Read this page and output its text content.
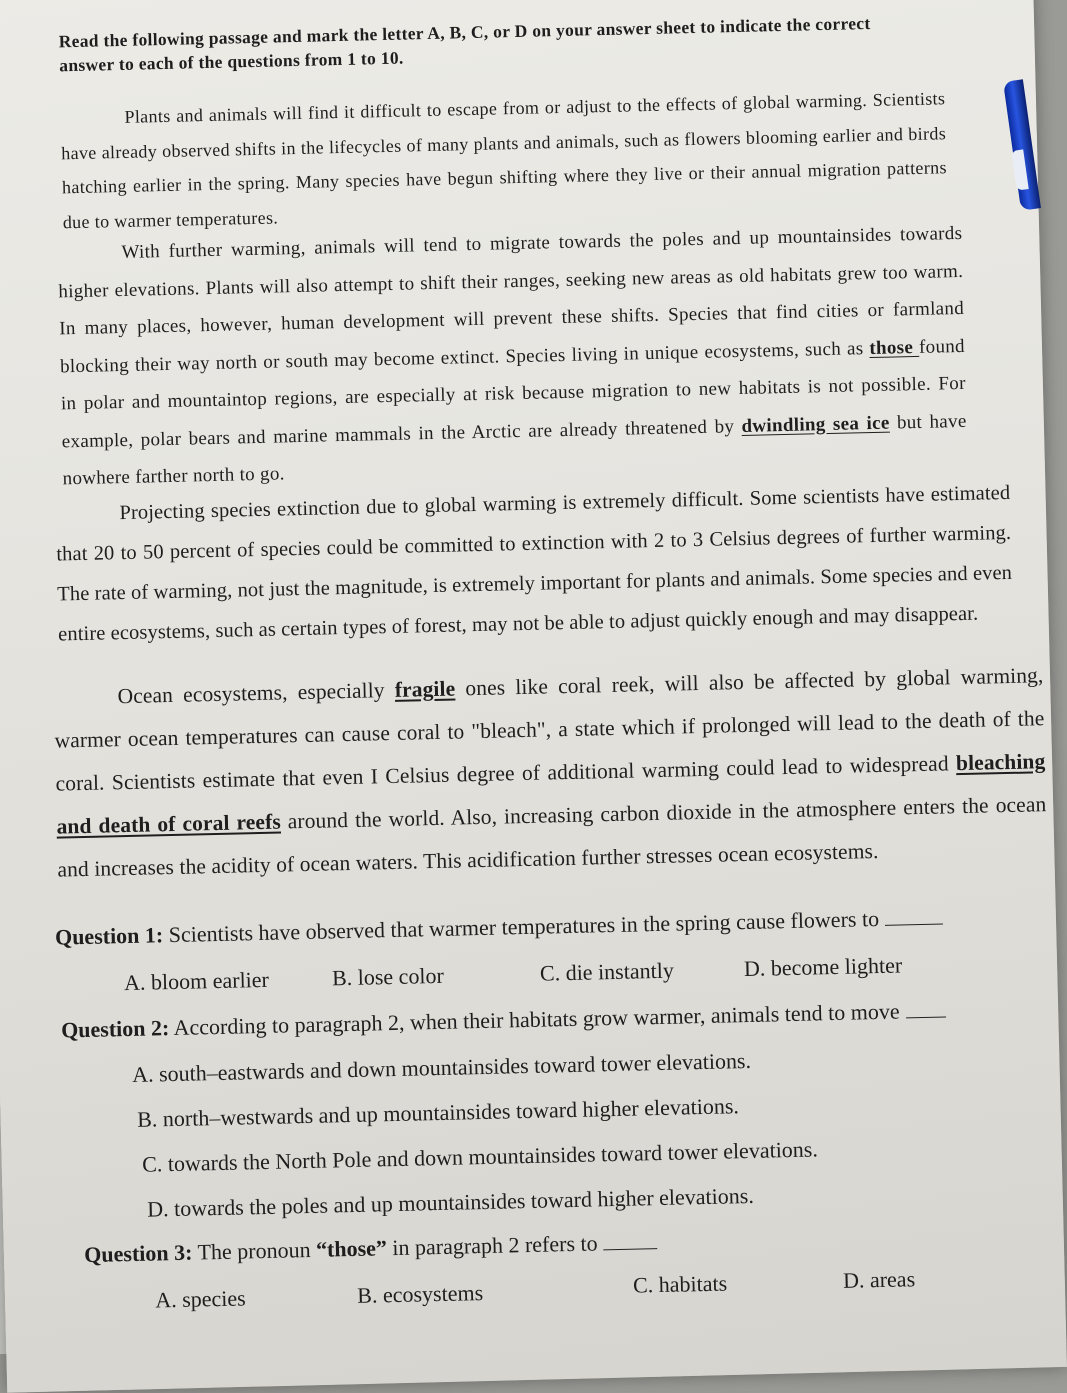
Read the following passage and mark the letter A, B, C, or D on your answer sheet to indicate the correct answer to each of the questions from 1 to 10.

Plants and animals will find it difficult to escape from or adjust to the effects of global warming. Scientists have already observed shifts in the lifecycles of many plants and animals, such as flowers blooming earlier and birds hatching earlier in the spring. Many species have begun shifting where they live or their annual migration patterns due to warmer temperatures.

With further warming, animals will tend to migrate towards the poles and up mountainsides towards higher elevations. Plants will also attempt to shift their ranges, seeking new areas as old habitats grew too warm. In many places, however, human development will prevent these shifts. Species that find cities or farmland blocking their way north or south may become extinct. Species living in unique ecosystems, such as those found in polar and mountaintop regions, are especially at risk because migration to new habitats is not possible. For example, polar bears and marine mammals in the Arctic are already threatened by dwindling sea ice but have nowhere farther north to go.

Projecting species extinction due to global warming is extremely difficult. Some scientists have estimated that 20 to 50 percent of species could be committed to extinction with 2 to 3 Celsius degrees of further warming. The rate of warming, not just the magnitude, is extremely important for plants and animals. Some species and even entire ecosystems, such as certain types of forest, may not be able to adjust quickly enough and may disappear.

Ocean ecosystems, especially fragile ones like coral reek, will also be affected by global warming, warmer ocean temperatures can cause coral to "bleach", a state which if prolonged will lead to the death of the coral. Scientists estimate that even I Celsius degree of additional warming could lead to widespread bleaching and death of coral reefs around the world. Also, increasing carbon dioxide in the atmosphere enters the ocean and increases the acidity of ocean waters. This acidification further stresses ocean ecosystems.

Question 1: Scientists have observed that warmer temperatures in the spring cause flowers to
A. bloom earlier	B. lose color	C. die instantly	D. become lighter
Question 2: According to paragraph 2, when their habitats grow warmer, animals tend to move
A. south–eastwards and down mountainsides toward tower elevations.
B. north–westwards and up mountainsides toward higher elevations.
C. towards the North Pole and down mountainsides toward tower elevations.
D. towards the poles and up mountainsides toward higher elevations.
Question 3: The pronoun “those” in paragraph 2 refers to
A. species	B. ecosystems	C. habitats	D. areas
